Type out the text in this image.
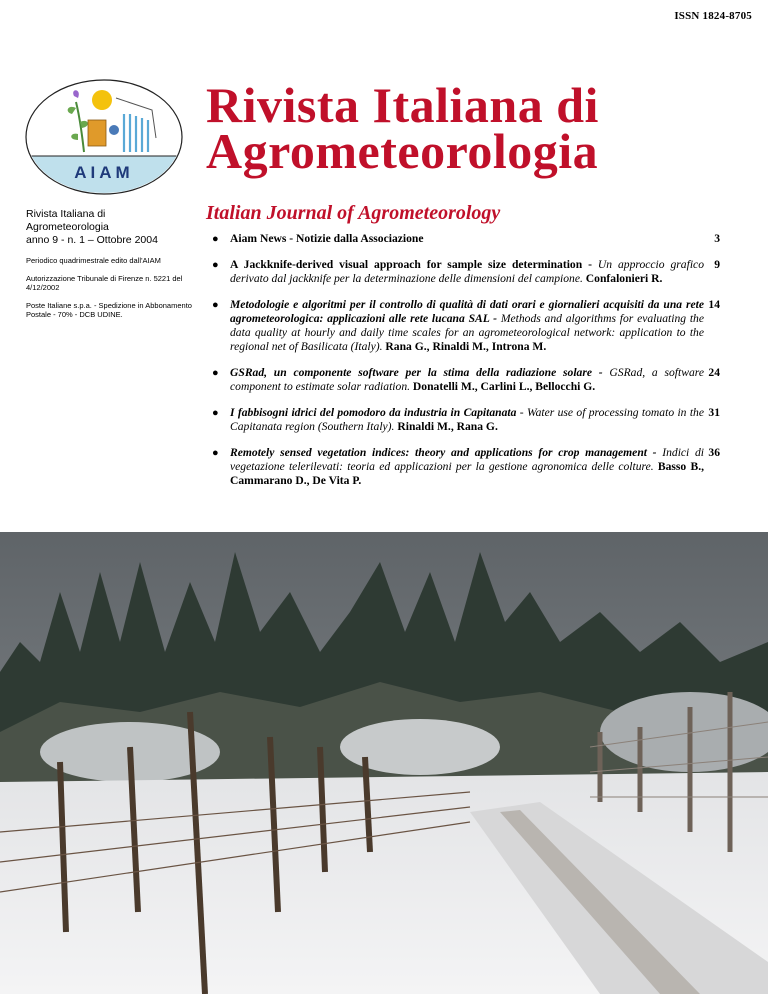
ISSN 1824-8705
AIAM
Rivista Italiana di
Agrometeorologia
Rivista Italiana di
Agrometeorologia
anno 9 - n. 1 – Ottobre 2004
Periodico quadrimestrale edito dall'AIAM
Autorizzazione Tribunale di Firenze n. 5221 del 4/12/2002
Poste Italiane s.p.a. - Spedizione in Abbonamento Postale - 70% - DCB UDINE.
Italian Journal of Agrometeorology
● Aiam News - Notizie dalla Associazione	3
● A Jackknife-derived visual approach for sample size determination - Un approccio grafico derivato dal jackknife per la determinazione delle dimensioni del campione. Confalonieri R.
9
● Metodologie e algoritmi per il controllo di qualità di dati orari e giornalieri acquisiti da una rete agrometeorologica: applicazioni alle rete lucana SAL - Methods and algorithms for evaluating the data quality at hourly and daily time scales for an agrometeorological network: application to the regional net of Basilicata (Italy). Rana G., Rinaldi M., Introna M.
14
● GSRad, un componente software per la stima della radiazione solare - GSRad, a software component to estimate solar radiation. Donatelli M., Carlini L., Bellocchi G.
24
● I fabbisogni idrici del pomodoro da industria in Capitanata - Water use of processing tomato in the Capitanata region (Southern Italy). Rinaldi M., Rana G.
31
● Remotely sensed vegetation indices: theory and applications for crop management - Indici di vegetazione telerilevati: teoria ed applicazioni per la gestione agronomica delle colture. Basso B., Cammarano D., De Vita P.
36
